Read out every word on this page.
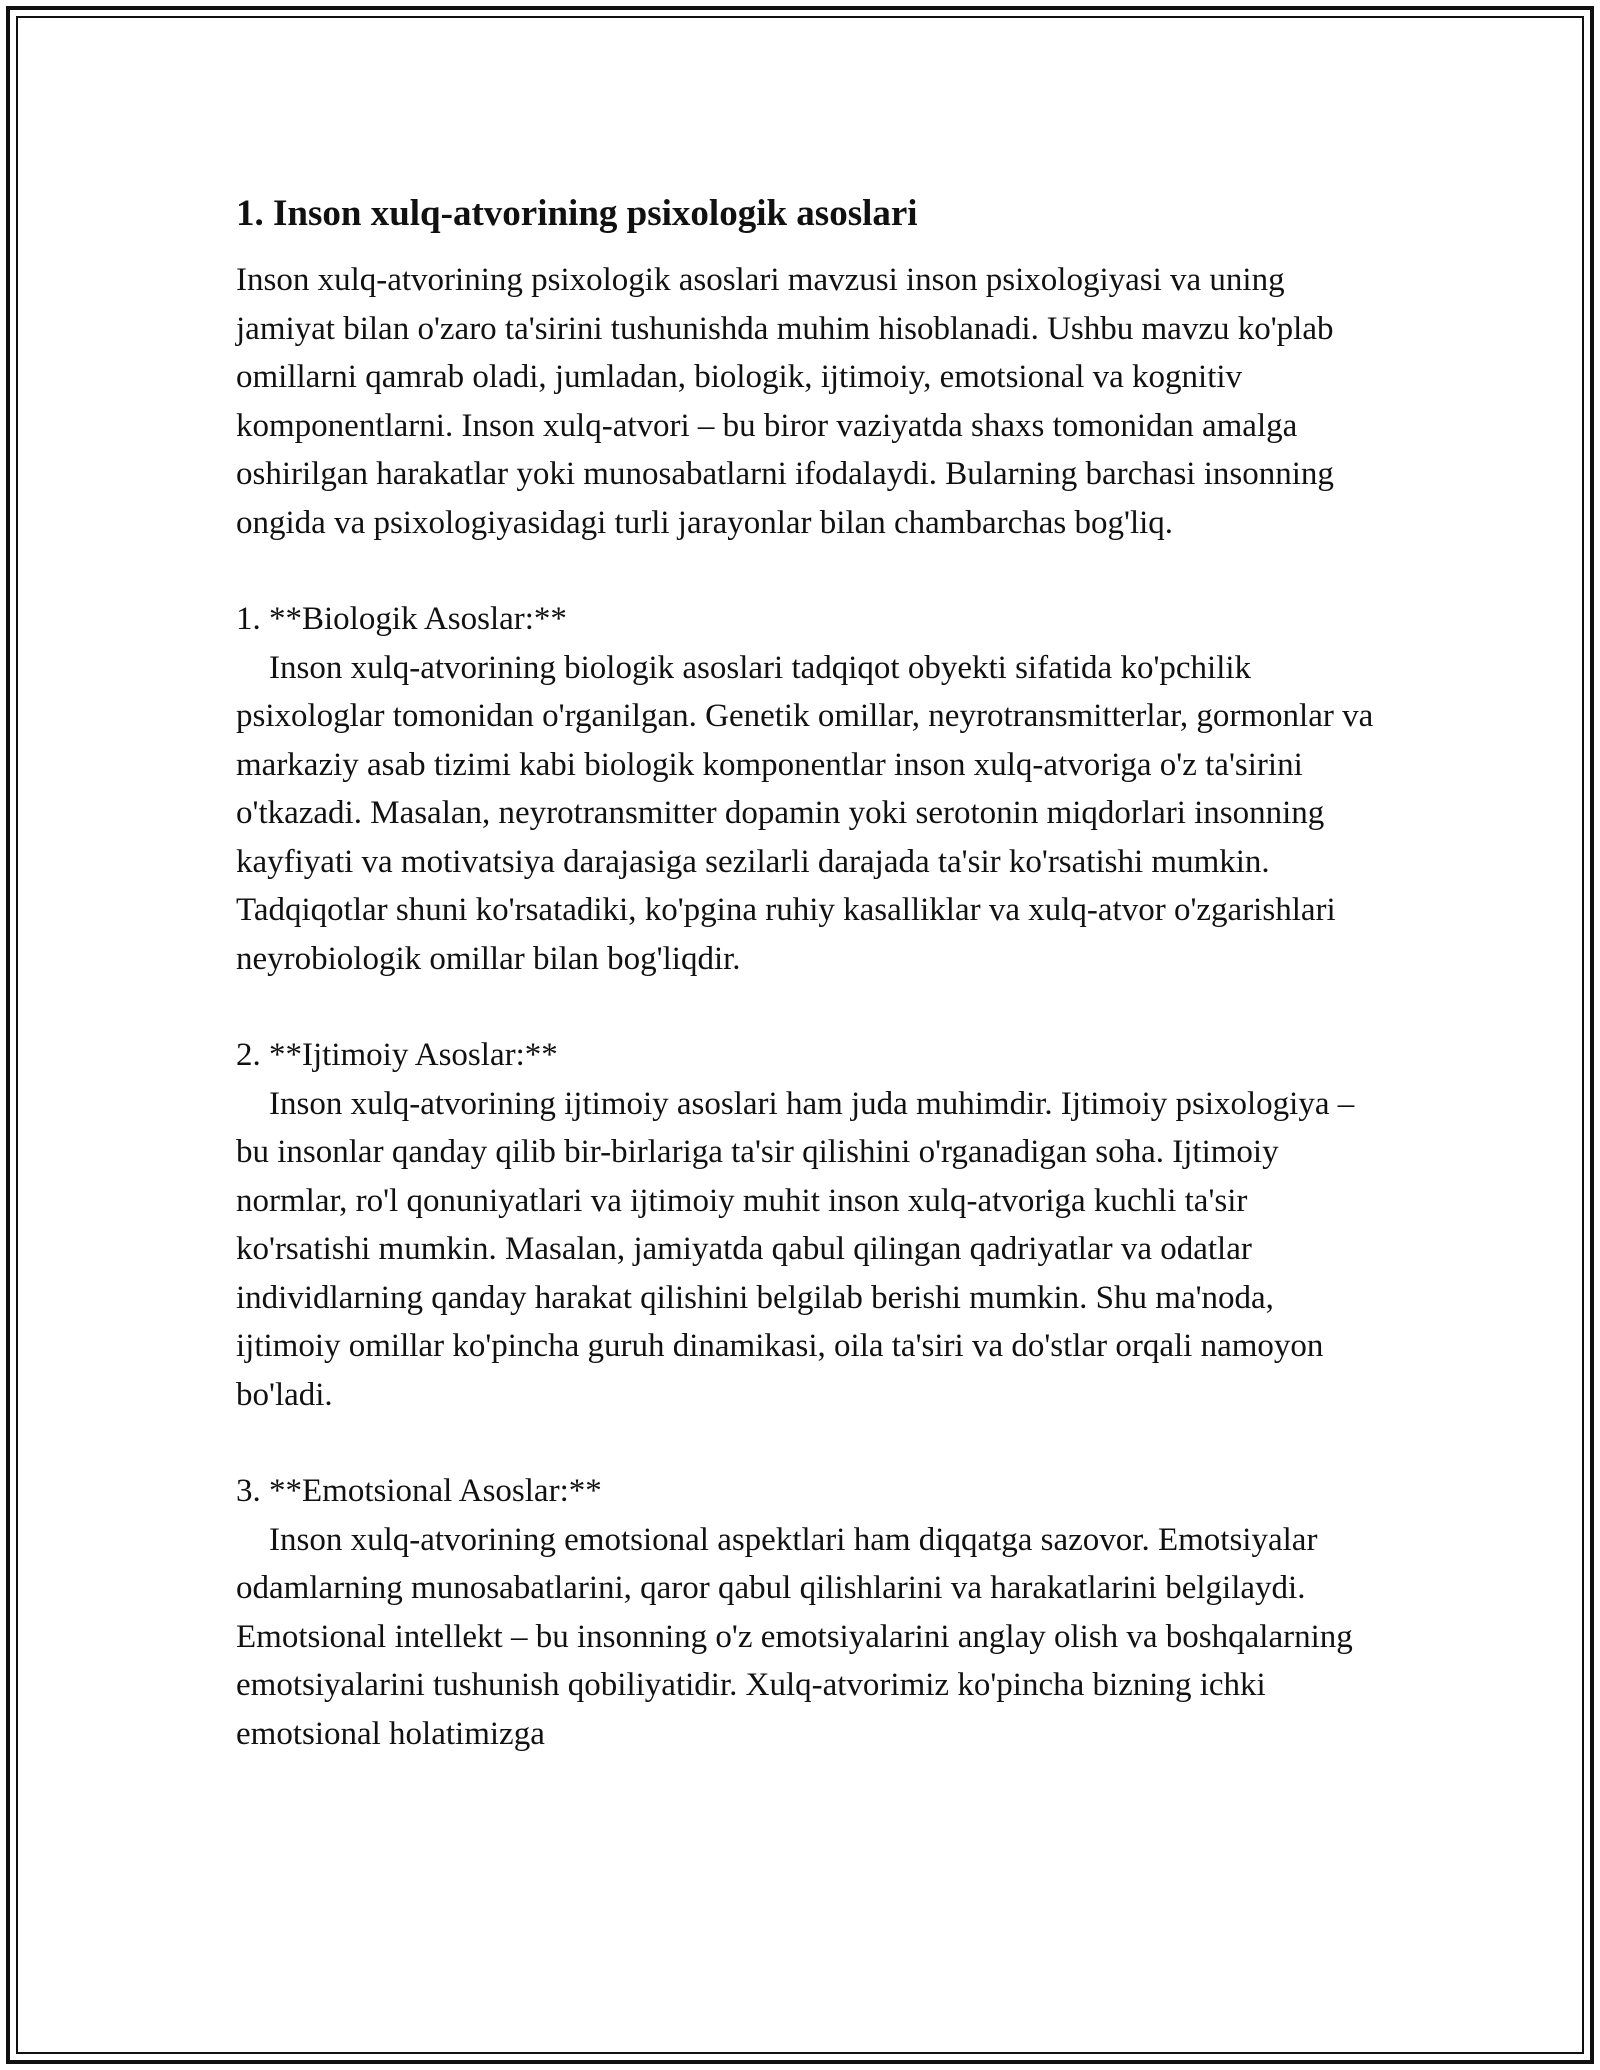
1. Inson xulq-atvorining psixologik asoslari

Inson xulq-atvorining psixologik asoslari mavzusi inson psixologiyasi va uning jamiyat bilan o'zaro ta'sirini tushunishda muhim hisoblanadi. Ushbu mavzu ko'plab omillarni qamrab oladi, jumladan, biologik, ijtimoiy, emotsional va kognitiv komponentlarni. Inson xulq-atvori – bu biror vaziyatda shaxs tomonidan amalga oshirilgan harakatlar yoki munosabatlarni ifodalaydi. Bularning barchasi insonning ongida va psixologiyasidagi turli jarayonlar bilan chambarchas bog'liq.

1. **Biologik Asoslar:**
 Inson xulq-atvorining biologik asoslari tadqiqot obyekti sifatida ko'pchilik psixologlar tomonidan o'rganilgan. Genetik omillar, neyrotransmitterlar, gormonlar va markaziy asab tizimi kabi biologik komponentlar inson xulq-atvoriga o'z ta'sirini o'tkazadi. Masalan, neyrotransmitter dopamin yoki serotonin miqdorlari insonning kayfiyati va motivatsiya darajasiga sezilarli darajada ta'sir ko'rsatishi mumkin. Tadqiqotlar shuni ko'rsatadiki, ko'pgina ruhiy kasalliklar va xulq-atvor o'zgarishlari neyrobiologik omillar bilan bog'liqdir.
2. **Ijtimoiy Asoslar:**
 Inson xulq-atvorining ijtimoiy asoslari ham juda muhimdir. Ijtimoiy psixologiya – bu insonlar qanday qilib bir-birlariga ta'sir qilishini o'rganadigan soha. Ijtimoiy normlar, ro'l qonuniyatlari va ijtimoiy muhit inson xulq-atvoriga kuchli ta'sir ko'rsatishi mumkin. Masalan, jamiyatda qabul qilingan qadriyatlar va odatlar individlarning qanday harakat qilishini belgilab berishi mumkin. Shu ma'noda, ijtimoiy omillar ko'pincha guruh dinamikasi, oila ta'siri va do'stlar orqali namoyon bo'ladi.
3. **Emotsional Asoslar:**
 Inson xulq-atvorining emotsional aspektlari ham diqqatga sazovor. Emotsiyalar odamlarning munosabatlarini, qaror qabul qilishlarini va harakatlarini belgilaydi. Emotsional intellekt – bu insonning o'z emotsiyalarini anglay olish va boshqalarning emotsiyalarini tushunish qobiliyatidir. Xulq-atvorimiz ko'pincha bizning ichki emotsional holatimizga
